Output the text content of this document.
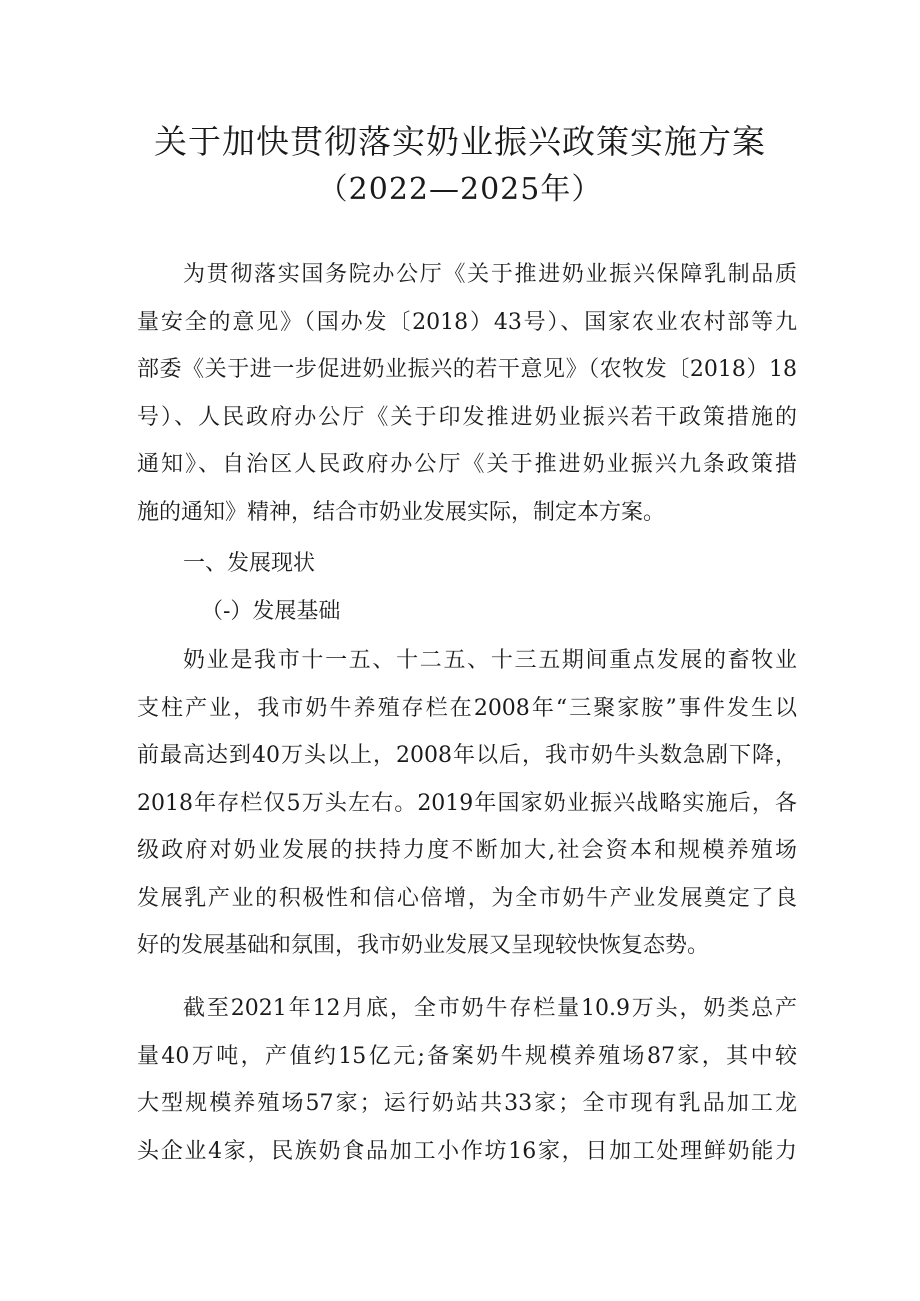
关于加快贯彻落实奶业振兴政策实施方案
（2022—2025年）
为贯彻落实国务院办公厅《关于推进奶业振兴保障乳制品质
量安全的意见》（国办发〔2018）43号）、国家农业农村部等九
部委《关于进一步促进奶业振兴的若干意见》（农牧发〔2018）18
号）、人民政府办公厅《关于印发推进奶业振兴若干政策措施的
通知》、自治区人民政府办公厅《关于推进奶业振兴九条政策措
施的通知》精神，结合市奶业发展实际，制定本方案。
一、发展现状
（-）发展基础
奶业是我市十一五、十二五、十三五期间重点发展的畜牧业
支柱产业，我市奶牛养殖存栏在2008年“三聚家胺”事件发生以
前最高达到40万头以上，2008年以后，我市奶牛头数急剧下降，
2018年存栏仅5万头左右。2019年国家奶业振兴战略实施后，各
级政府对奶业发展的扶持力度不断加大,社会资本和规模养殖场
发展乳产业的积极性和信心倍增，为全市奶牛产业发展奠定了良
好的发展基础和氛围，我市奶业发展又呈现较快恢复态势。
截至2021年12月底，全市奶牛存栏量10.9万头，奶类总产
量40万吨，产值约15亿元;备案奶牛规模养殖场87家，其中较
大型规模养殖场57家；运行奶站共33家；全市现有乳品加工龙
头企业4家，民族奶食品加工小作坊16家，日加工处理鲜奶能力
